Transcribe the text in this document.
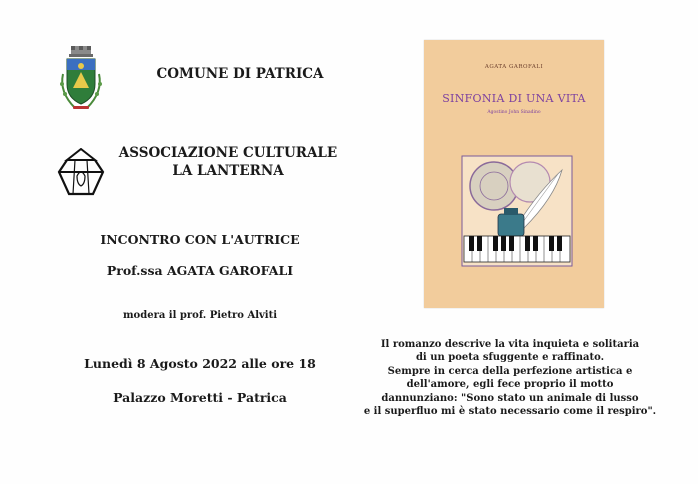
COMUNE DI PATRICA
ASSOCIAZIONE CULTURALE
LA LANTERNA
INCONTRO CON L'AUTRICE
Prof.ssa AGATA GAROFALI
modera il prof. Pietro Alviti
Lunedì 8 Agosto 2022 alle ore 18
Palazzo Moretti - Patrica
AGATA GAROFALI
SINFONIA DI UNA VITA
Agostino John Sinadino
Il romanzo descrive la vita inquieta e solitaria
di un poeta sfuggente e raffinato.
Sempre in cerca della perfezione artistica e
dell'amore, egli fece proprio il motto
dannunziano: "Sono stato un animale di lusso
e il superfluo mi è stato necessario come il respiro".
